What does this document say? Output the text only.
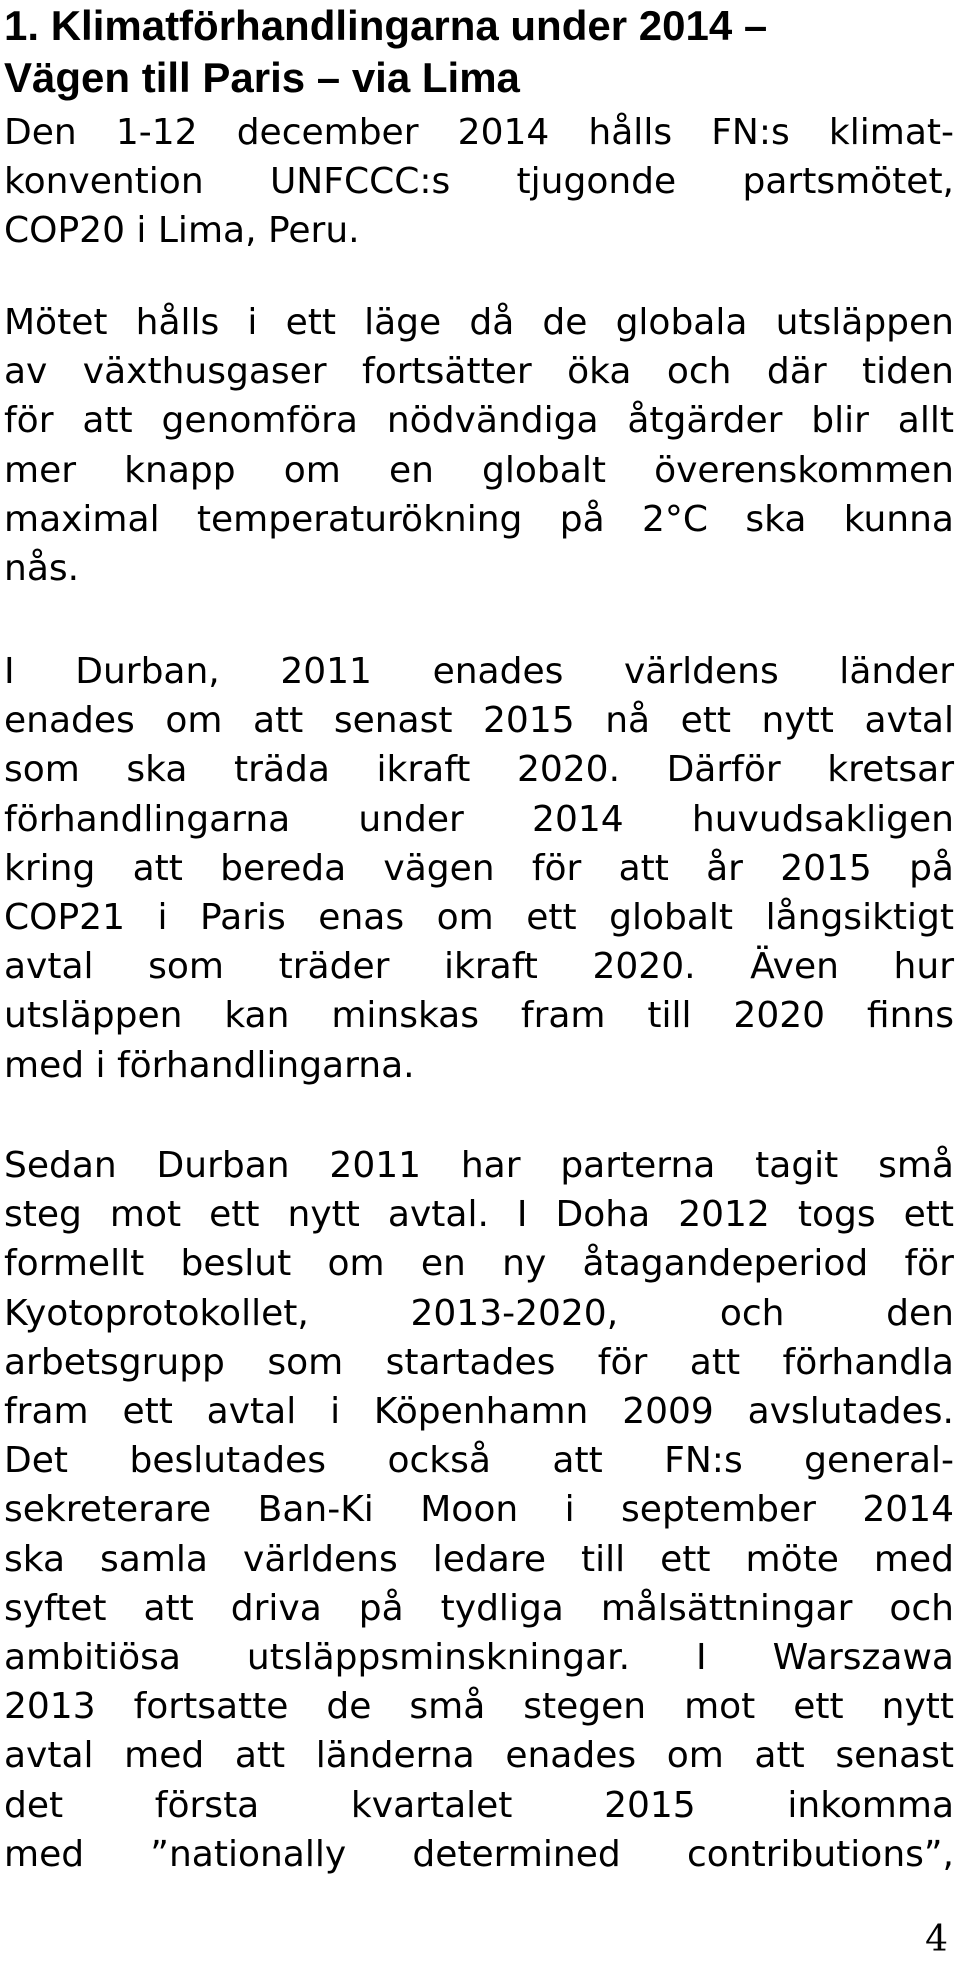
1. Klimatförhandlingarna under 2014 –
Vägen till Paris – via Lima
Den 1-12 december 2014 hålls FN:s klimat-
konvention UNFCCC:s tjugonde partsmötet,
COP20 i Lima, Peru.
Mötet hålls i ett läge då de globala utsläppen
av växthusgaser fortsätter öka och där tiden
för att genomföra nödvändiga åtgärder blir allt
mer knapp om en globalt överenskommen
maximal temperaturökning på 2°C ska kunna
nås.
I Durban, 2011 enades världens länder
enades om att senast 2015 nå ett nytt avtal
som ska träda ikraft 2020. Därför kretsar
förhandlingarna under 2014 huvudsakligen
kring att bereda vägen för att år 2015 på
COP21 i Paris enas om ett globalt långsiktigt
avtal som träder ikraft 2020. Även hur
utsläppen kan minskas fram till 2020 finns
med i förhandlingarna.
Sedan Durban 2011 har parterna tagit små
steg mot ett nytt avtal. I Doha 2012 togs ett
formellt beslut om en ny åtagandeperiod för
Kyotoprotokollet, 2013-2020, och den
arbetsgrupp som startades för att förhandla
fram ett avtal i Köpenhamn 2009 avslutades.
Det beslutades också att FN:s general-
sekreterare Ban-Ki Moon i september 2014
ska samla världens ledare till ett möte med
syftet att driva på tydliga målsättningar och
ambitiösa utsläppsminskningar. I Warszawa
2013 fortsatte de små stegen mot ett nytt
avtal med att länderna enades om att senast
det första kvartalet 2015 inkomma
med ”nationally determined contributions”,
4
